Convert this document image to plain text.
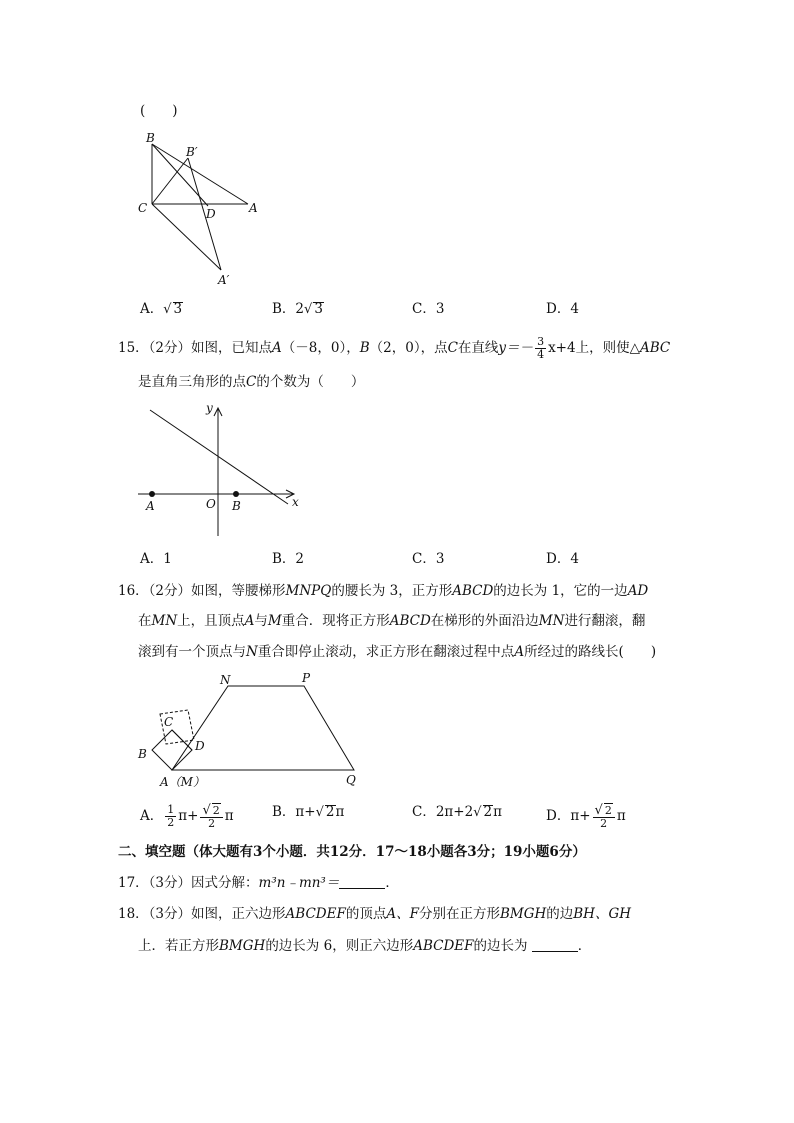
(　　)
B
B′
C	D	A
A′
A．√ 3	B．2√ 3	C．3	D．4
15．（2分）如图，已知点A（－8，0），B（2，0），点C在直线$y=- \frac{3}{4} x+4$上，则使△ABC
是直角三角形的点C的个数为（　　）
y
x
O
A	B
A．1	B．2	C．3	D．4
16．（2分）如图，等腰梯形MNPQ的腰长为 3，正方形ABCD的边长为 1，它的一边AD
在MN上，且顶点A与M重合．现将正方形ABCD在梯形的外面沿边MN进行翻滚，翻
滚到有一个顶点与N重合即停止滚动，求正方形在翻滚过程中点A所经过的路线长(　　)
N	P
C
D
B
A（M）	Q
A． $\frac{1}{2} \pi+ \frac{√ 2}{2}$ π	B．π+√ 2π	C．2π+2√ 2π	D．$\pi+ \frac{√ 2}{2}$ π
二、填空题（体大题有3个小题．共12分．17～18小题各3分；19小题6分）
17．（3分）因式分解：m³n﹣mn³＝	．
18．（3分）如图，正六边形ABCDEF的顶点A、F分别在正方形BMGH的边BH、GH
上．若正方形BMGH的边长为 6，则正六边形ABCDEF的边长为	．
